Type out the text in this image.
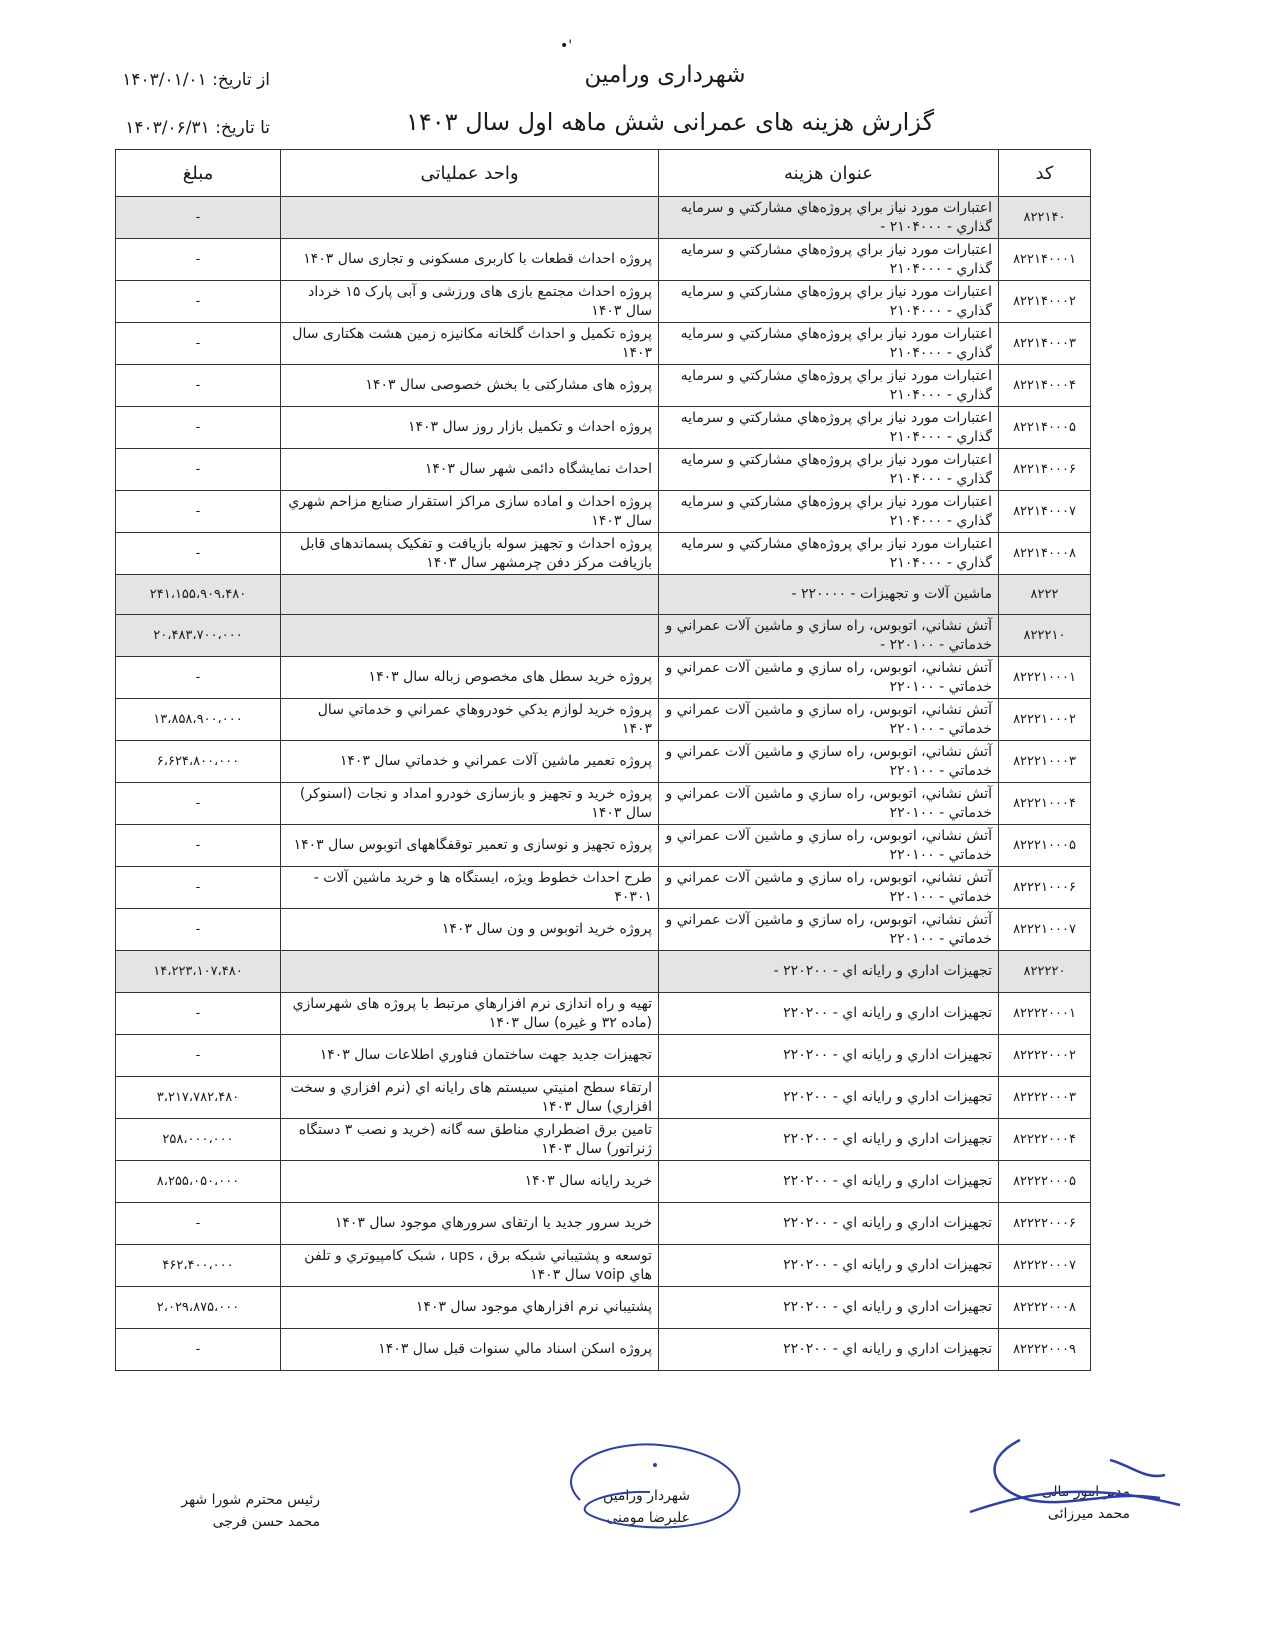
•'
شهرداری ورامین
گزارش هزینه های عمرانی شش ماهه اول سال ۱۴۰۳
از تاریخ: ۱۴۰۳/۰۱/۰۱
تا تاریخ: ۱۴۰۳/۰۶/۳۱
کد	عنوان هزینه	واحد عملیاتی	مبلغ
۸۲۲۱۴۰	اعتبارات مورد نياز براي پروژه‌هاي مشاركتي و سرمایه گذاري - ۲۱۰۴۰۰۰ -		-
۸۲۲۱۴۰۰۰۱	اعتبارات مورد نياز براي پروژه‌هاي مشاركتي و سرمایه گذاري - ۲۱۰۴۰۰۰	پروژه احداث قطعات با کاربری مسکونی و تجاری سال ۱۴۰۳	-
۸۲۲۱۴۰۰۰۲	اعتبارات مورد نياز براي پروژه‌هاي مشاركتي و سرمایه گذاري - ۲۱۰۴۰۰۰	پروژه احداث مجتمع بازی های ورزشی و آبی پارک ۱۵ خرداد سال ۱۴۰۳	-
۸۲۲۱۴۰۰۰۳	اعتبارات مورد نياز براي پروژه‌هاي مشاركتي و سرمایه گذاري - ۲۱۰۴۰۰۰	پروژه تکمیل و احداث گلخانه مکانیزه زمین هشت هکتاری سال ۱۴۰۳	-
۸۲۲۱۴۰۰۰۴	اعتبارات مورد نياز براي پروژه‌هاي مشاركتي و سرمایه گذاري - ۲۱۰۴۰۰۰	پروژه های مشارکتی با بخش خصوصی سال ۱۴۰۳	-
۸۲۲۱۴۰۰۰۵	اعتبارات مورد نياز براي پروژه‌هاي مشاركتي و سرمایه گذاري - ۲۱۰۴۰۰۰	پروژه احداث و تکمیل بازار روز سال ۱۴۰۳	-
۸۲۲۱۴۰۰۰۶	اعتبارات مورد نياز براي پروژه‌هاي مشاركتي و سرمایه گذاري - ۲۱۰۴۰۰۰	احداث نمایشگاه دائمی شهر سال ۱۴۰۳	-
۸۲۲۱۴۰۰۰۷	اعتبارات مورد نياز براي پروژه‌هاي مشاركتي و سرمایه گذاري - ۲۱۰۴۰۰۰	پروژه احداث و اماده سازی مراکز استقرار صنایع مزاحم شهري سال ۱۴۰۳	-
۸۲۲۱۴۰۰۰۸	اعتبارات مورد نياز براي پروژه‌هاي مشاركتي و سرمایه گذاري - ۲۱۰۴۰۰۰	پروژه احداث و تجهیز سوله بازیافت و تفکیک پسماندهای قابل بازیافت مرکز دفن چرمشهر سال ۱۴۰۳	-
۸۲۲۲	ماشين آلات و تجهيزات - ۲۲۰۰۰۰ -		۲۴۱،۱۵۵،۹۰۹،۴۸۰
۸۲۲۲۱۰	آتش نشاني، اتوبوس، راه سازي و ماشين آلات عمراني و خدماتي - ۲۲۰۱۰۰ -		۲۰،۴۸۳،۷۰۰،۰۰۰
۸۲۲۲۱۰۰۰۱	آتش نشاني، اتوبوس، راه سازي و ماشين آلات عمراني و خدماتي - ۲۲۰۱۰۰	پروژه خرید سطل های مخصوص زباله سال ۱۴۰۳	-
۸۲۲۲۱۰۰۰۲	آتش نشاني، اتوبوس، راه سازي و ماشين آلات عمراني و خدماتي - ۲۲۰۱۰۰	پروژه خرید لوازم یدکي خودروهاي عمراني و خدماتي سال ۱۴۰۳	۱۳،۸۵۸،۹۰۰،۰۰۰
۸۲۲۲۱۰۰۰۳	آتش نشاني، اتوبوس، راه سازي و ماشين آلات عمراني و خدماتي - ۲۲۰۱۰۰	پروژه تعمیر ماشین آلات عمراني و خدماتي سال ۱۴۰۳	۶،۶۲۴،۸۰۰،۰۰۰
۸۲۲۲۱۰۰۰۴	آتش نشاني، اتوبوس، راه سازي و ماشين آلات عمراني و خدماتي - ۲۲۰۱۰۰	پروژه خرید و تجهیز و بازسازی خودرو امداد و نجات (اسنوکر) سال ۱۴۰۳	-
۸۲۲۲۱۰۰۰۵	آتش نشاني، اتوبوس، راه سازي و ماشين آلات عمراني و خدماتي - ۲۲۰۱۰۰	پروژه تجهیز و نوسازی و تعمیر توقفگاههای اتوبوس سال ۱۴۰۳	-
۸۲۲۲۱۰۰۰۶	آتش نشاني، اتوبوس، راه سازي و ماشين آلات عمراني و خدماتي - ۲۲۰۱۰۰	طرح احداث خطوط ویژه، ایستگاه ها و خرید ماشین آلات - ۴۰۳۰۱	-
۸۲۲۲۱۰۰۰۷	آتش نشاني، اتوبوس، راه سازي و ماشين آلات عمراني و خدماتي - ۲۲۰۱۰۰	پروژه خرید اتوبوس و ون سال ۱۴۰۳	-
۸۲۲۲۲۰	تجهيزات اداري و رايانه اي - ۲۲۰۲۰۰ -		۱۴،۲۲۳،۱۰۷،۴۸۰
۸۲۲۲۲۰۰۰۱	تجهيزات اداري و رايانه اي - ۲۲۰۲۰۰	تهیه و راه اندازی نرم افزارهاي مرتبط با پروژه های شهرسازي (ماده ۳۲ و غیره) سال ۱۴۰۳	-
۸۲۲۲۲۰۰۰۲	تجهيزات اداري و رايانه اي - ۲۲۰۲۰۰	تجهیزات جدید جهت ساختمان فناوري اطلاعات سال ۱۴۰۳	-
۸۲۲۲۲۰۰۰۳	تجهيزات اداري و رايانه اي - ۲۲۰۲۰۰	ارتقاء سطح امنیتي سیستم های رایانه اي (نرم افزاري و سخت افزاري) سال ۱۴۰۳	۳،۲۱۷،۷۸۲،۴۸۰
۸۲۲۲۲۰۰۰۴	تجهيزات اداري و رايانه اي - ۲۲۰۲۰۰	تامین برق اضطراري مناطق سه گانه (خرید و نصب ۳ دستگاه ژنراتور) سال ۱۴۰۳	۲۵۸،۰۰۰،۰۰۰
۸۲۲۲۲۰۰۰۵	تجهيزات اداري و رايانه اي - ۲۲۰۲۰۰	خرید رایانه سال ۱۴۰۳	۸،۲۵۵،۰۵۰،۰۰۰
۸۲۲۲۲۰۰۰۶	تجهيزات اداري و رايانه اي - ۲۲۰۲۰۰	خرید سرور جدید یا ارتقای سرورهاي موجود سال ۱۴۰۳	-
۸۲۲۲۲۰۰۰۷	تجهيزات اداري و رايانه اي - ۲۲۰۲۰۰	توسعه و پشتیباني شبکه برق ، ups ، شبک کامپیوتري و تلفن هاي voip سال ۱۴۰۳	۴۶۲،۴۰۰،۰۰۰
۸۲۲۲۲۰۰۰۸	تجهيزات اداري و رايانه اي - ۲۲۰۲۰۰	پشتیباني نرم افزارهاي موجود سال ۱۴۰۳	۲،۰۲۹،۸۷۵،۰۰۰
۸۲۲۲۲۰۰۰۹	تجهيزات اداري و رايانه اي - ۲۲۰۲۰۰	پروژه اسکن اسناد مالي سنوات قبل سال ۱۴۰۳	-
رئیس محترم شورا شهر
محمد حسن فرجی
شهردار ورامین
علیرضا مومنی
مدیر امور مالی
محمد میرزائی
